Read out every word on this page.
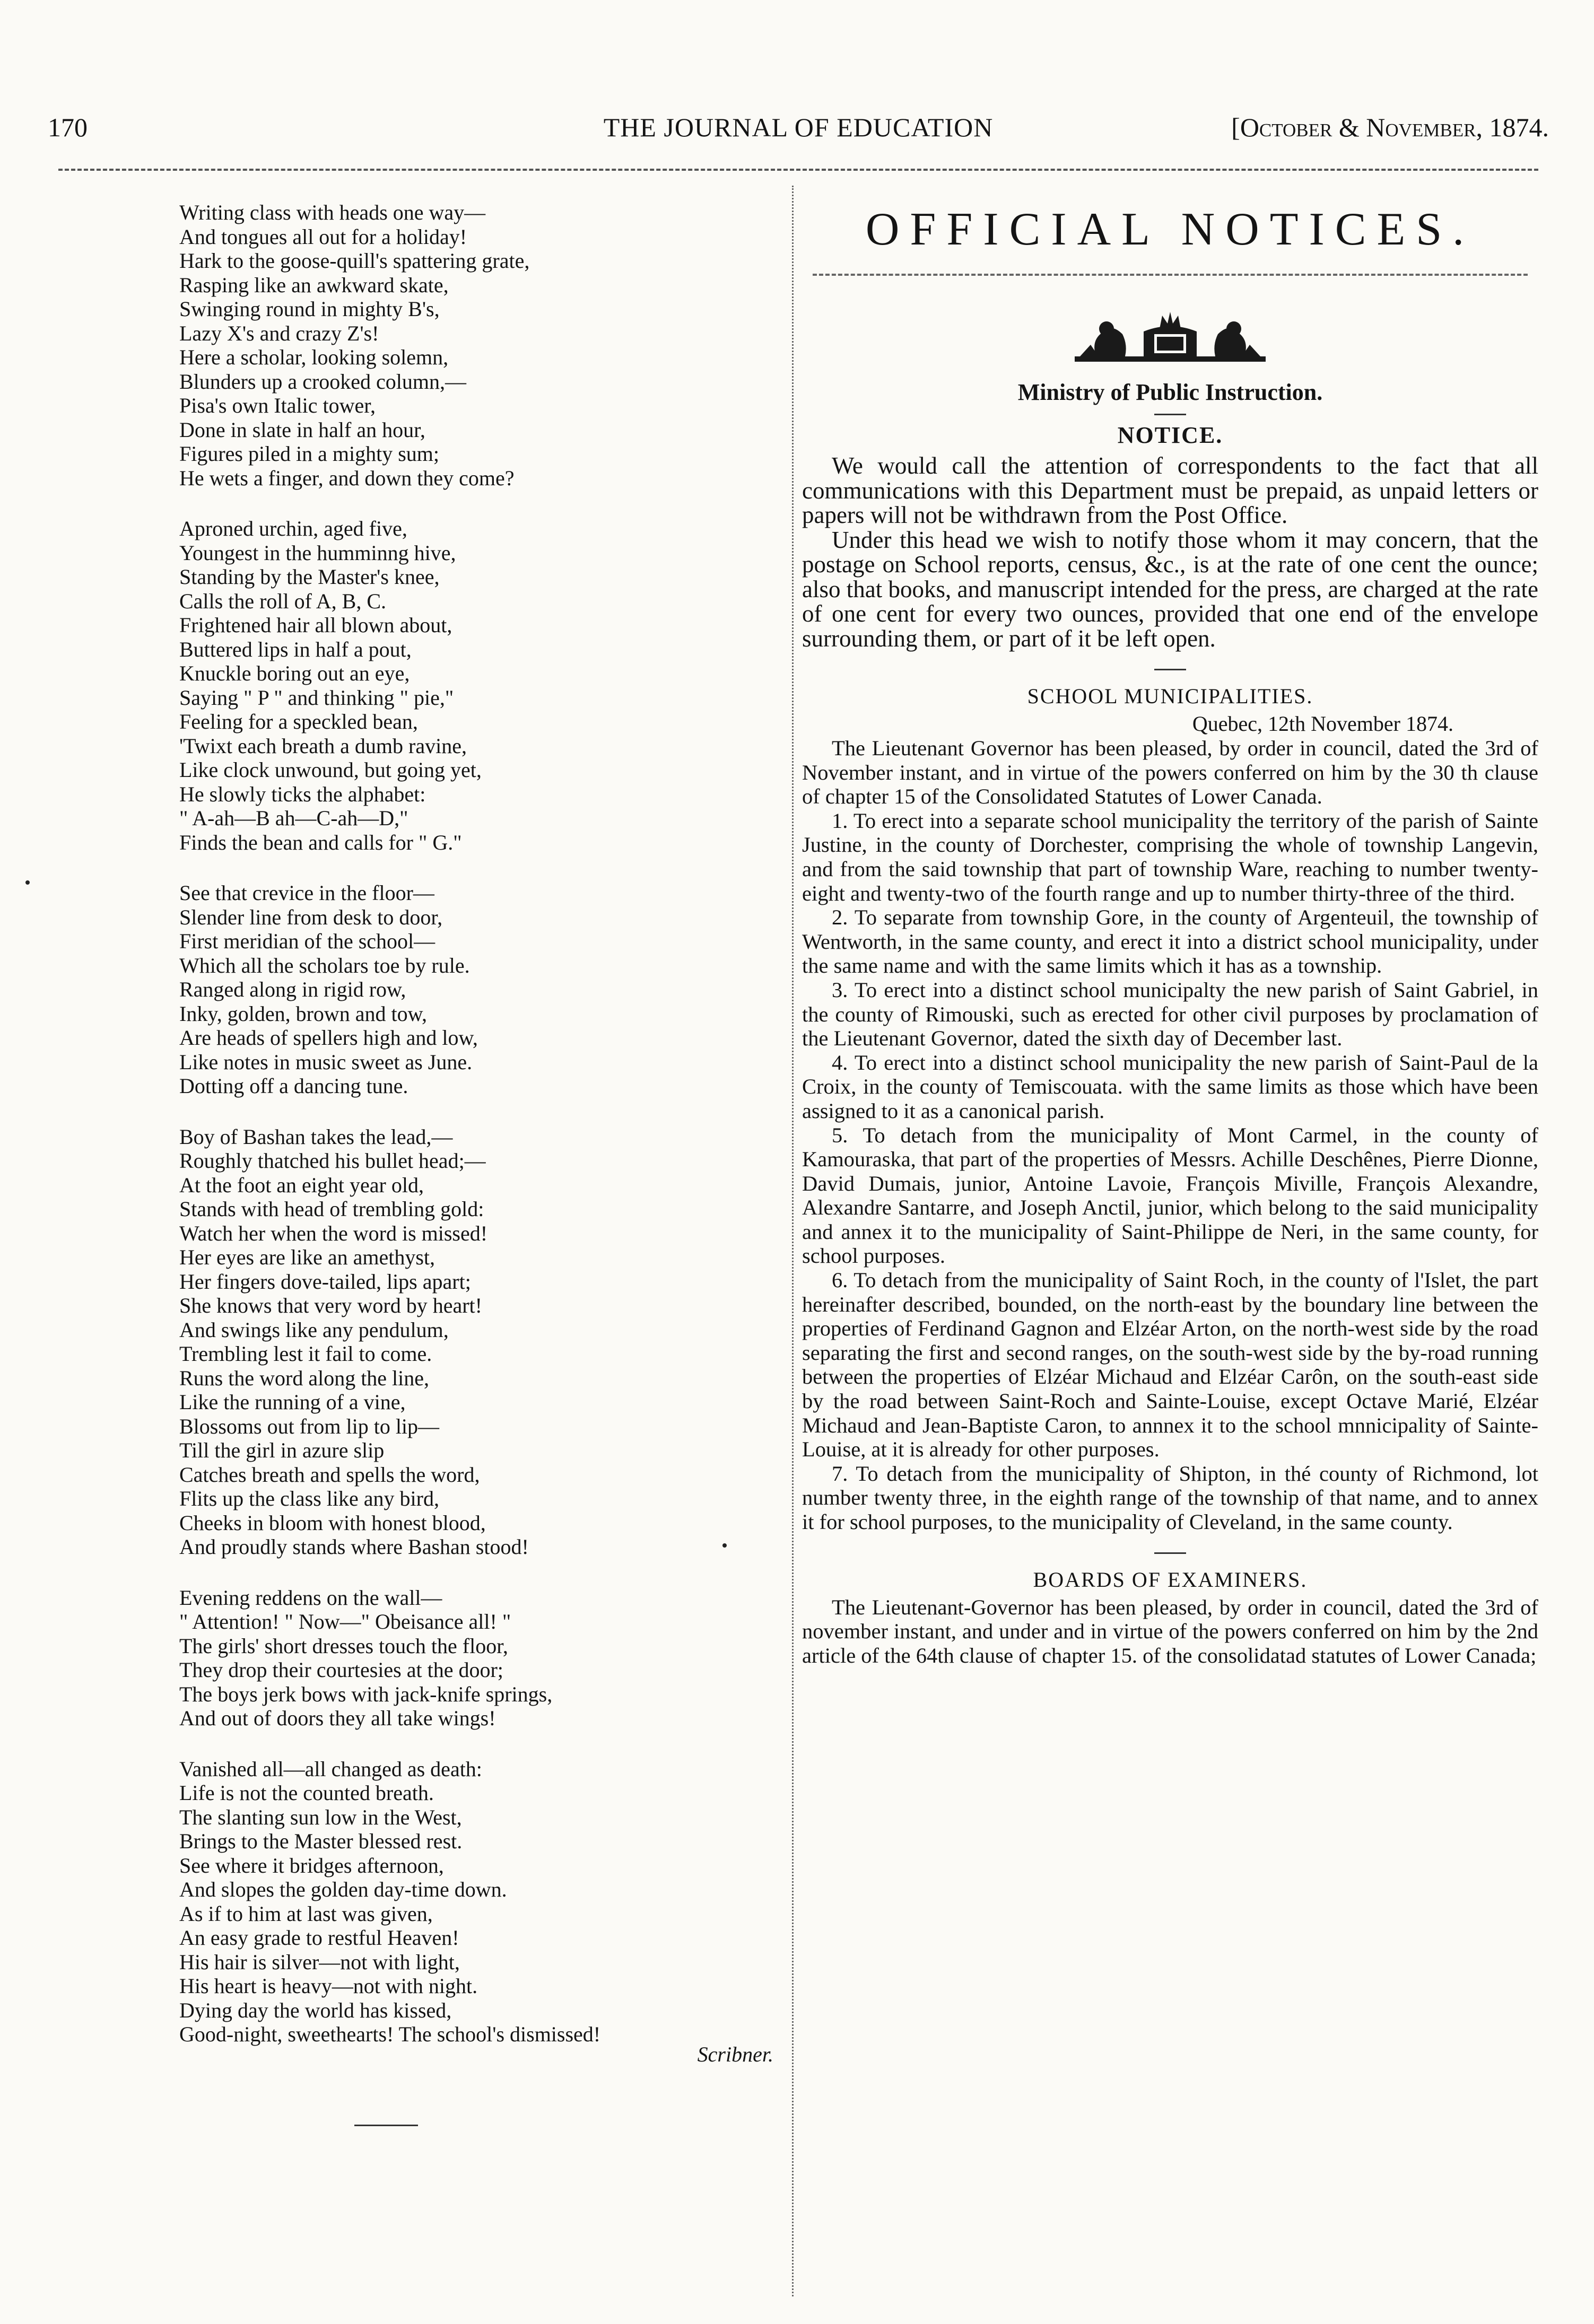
170	THE JOURNAL OF EDUCATION	[October & November, 1874.
Writing class with heads one way—
And tongues all out for a holiday!
Hark to the goose-quill's spattering grate,
Rasping like an awkward skate,
Swinging round in mighty B's,
Lazy X's and crazy Z's!
Here a scholar, looking solemn,
Blunders up a crooked column,—
Pisa's own Italic tower,
Done in slate in half an hour,
Figures piled in a mighty sum;
He wets a finger, and down they come?
Aproned urchin, aged five,
Youngest in the humminng hive,
Standing by the Master's knee,
Calls the roll of A, B, C.
Frightened hair all blown about,
Buttered lips in half a pout,
Knuckle boring out an eye,
Saying " P " and thinking " pie,"
Feeling for a speckled bean,
'Twixt each breath a dumb ravine,
Like clock unwound, but going yet,
He slowly ticks the alphabet:
" A-ah—B ah—C-ah—D,"
Finds the bean and calls for " G."
See that crevice in the floor—
Slender line from desk to door,
First meridian of the school—
Which all the scholars toe by rule.
Ranged along in rigid row,
Inky, golden, brown and tow,
Are heads of spellers high and low,
Like notes in music sweet as June.
Dotting off a dancing tune.
Boy of Bashan takes the lead,—
Roughly thatched his bullet head;—
At the foot an eight year old,
Stands with head of trembling gold:
Watch her when the word is missed!
Her eyes are like an amethyst,
Her fingers dove-tailed, lips apart;
She knows that very word by heart!
And swings like any pendulum,
Trembling lest it fail to come.
Runs the word along the line,
Like the running of a vine,
Blossoms out from lip to lip—
Till the girl in azure slip
Catches breath and spells the word,
Flits up the class like any bird,
Cheeks in bloom with honest blood,
And proudly stands where Bashan stood!
Evening reddens on the wall—
" Attention! " Now—" Obeisance all! "
The girls' short dresses touch the floor,
They drop their courtesies at the door;
The boys jerk bows with jack-knife springs,
And out of doors they all take wings!
Vanished all—all changed as death:
Life is not the counted breath.
The slanting sun low in the West,
Brings to the Master blessed rest.
See where it bridges afternoon,
And slopes the golden day-time down.
As if to him at last was given,
An easy grade to restful Heaven!
His hair is silver—not with light,
His heart is heavy—not with night.
Dying day the world has kissed,
Good-night, sweethearts! The school's dismissed!
Scribner.
OFFICIAL NOTICES.
Ministry of Public Instruction.
NOTICE.

We would call the attention of correspondents to the fact that all communications with this Department must be prepaid, as unpaid letters or papers will not be withdrawn from the Post Office.

Under this head we wish to notify those whom it may concern, that the postage on School reports, census, &c., is at the rate of one cent the ounce; also that books, and manuscript intended for the press, are charged at the rate of one cent for every two ounces, provided that one end of the envelope surrounding them, or part of it be left open.

SCHOOL MUNICIPALITIES.
Quebec, 12th November 1874.

The Lieutenant Governor has been pleased, by order in council, dated the 3rd of November instant, and in virtue of the powers conferred on him by the 30 th clause of chapter 15 of the Consolidated Statutes of Lower Canada.

1. To erect into a separate school municipality the territory of the parish of Sainte Justine, in the county of Dorchester, comprising the whole of township Langevin, and from the said township that part of township Ware, reaching to number twenty-eight and twenty-two of the fourth range and up to number thirty-three of the third.

2. To separate from township Gore, in the county of Argenteuil, the township of Wentworth, in the same county, and erect it into a district school municipality, under the same name and with the same limits which it has as a township.

3. To erect into a distinct school municipalty the new parish of Saint Gabriel, in the county of Rimouski, such as erected for other civil purposes by proclamation of the Lieutenant Governor, dated the sixth day of December last.

4. To erect into a distinct school municipality the new parish of Saint-Paul de la Croix, in the county of Temiscouata. with the same limits as those which have been assigned to it as a canonical parish.

5. To detach from the municipality of Mont Carmel, in the county of Kamouraska, that part of the properties of Messrs. Achille Deschênes, Pierre Dionne, David Dumais, junior, Antoine Lavoie, François Miville, François Alexandre, Alexandre Santarre, and Joseph Anctil, junior, which belong to the said municipality and annex it to the municipality of Saint-Philippe de Neri, in the same county, for school purposes.

6. To detach from the municipality of Saint Roch, in the county of l'Islet, the part hereinafter described, bounded, on the north-east by the boundary line between the properties of Ferdinand Gagnon and Elzéar Arton, on the north-west side by the road separating the first and second ranges, on the south-west side by the by-road running between the properties of Elzéar Michaud and Elzéar Carôn, on the south-east side by the road between Saint-Roch and Sainte-Louise, except Octave Marié, Elzéar Michaud and Jean-Baptiste Caron, to annnex it to the school mnnicipality of Sainte-Louise, at it is already for other purposes.

7. To detach from the municipality of Shipton, in thé county of Richmond, lot number twenty three, in the eighth range of the township of that name, and to annex it for school purposes, to the municipality of Cleveland, in the same county.

BOARDS OF EXAMINERS.

The Lieutenant-Governor has been pleased, by order in council, dated the 3rd of november instant, and under and in virtue of the powers conferred on him by the 2nd article of the 64th clause of chapter 15. of the consolidatad statutes of Lower Canada;
